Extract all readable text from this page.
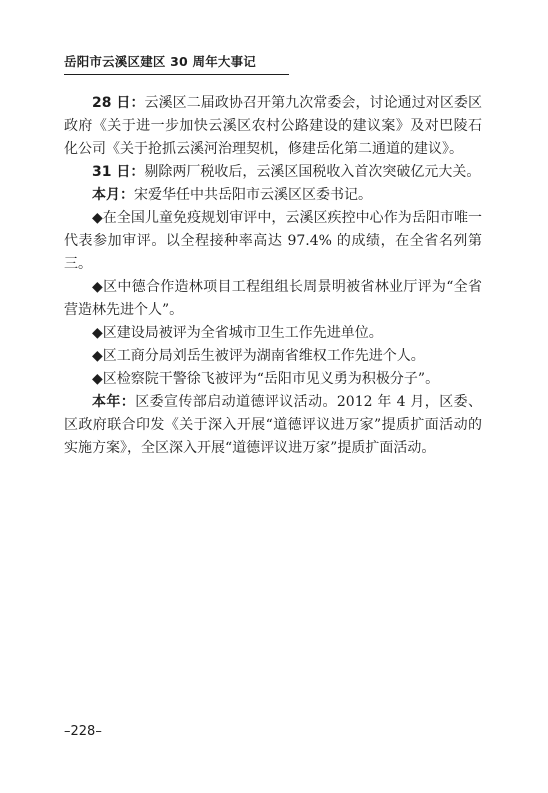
岳阳市云溪区建区 30 周年大事记

28 日：云溪区二届政协召开第九次常委会，讨论通过对区委区政府《关于进一步加快云溪区农村公路建设的建议案》及对巴陵石化公司《关于抢抓云溪河治理契机，修建岳化第二通道的建议》。

31 日：剔除两厂税收后，云溪区国税收入首次突破亿元大关。

本月：宋爱华任中共岳阳市云溪区区委书记。

◆在全国儿童免疫规划审评中，云溪区疾控中心作为岳阳市唯一代表参加审评。以全程接种率高达 97.4% 的成绩，在全省名列第三。

◆区中德合作造林项目工程组组长周景明被省林业厅评为“全省营造林先进个人”。

◆区建设局被评为全省城市卫生工作先进单位。

◆区工商分局刘岳生被评为湖南省维权工作先进个人。

◆区检察院干警徐飞被评为“岳阳市见义勇为积极分子”。

本年：区委宣传部启动道德评议活动。2012 年 4 月，区委、区政府联合印发《关于深入开展“道德评议进万家”提质扩面活动的实施方案》，全区深入开展“道德评议进万家”提质扩面活动。

–228–
